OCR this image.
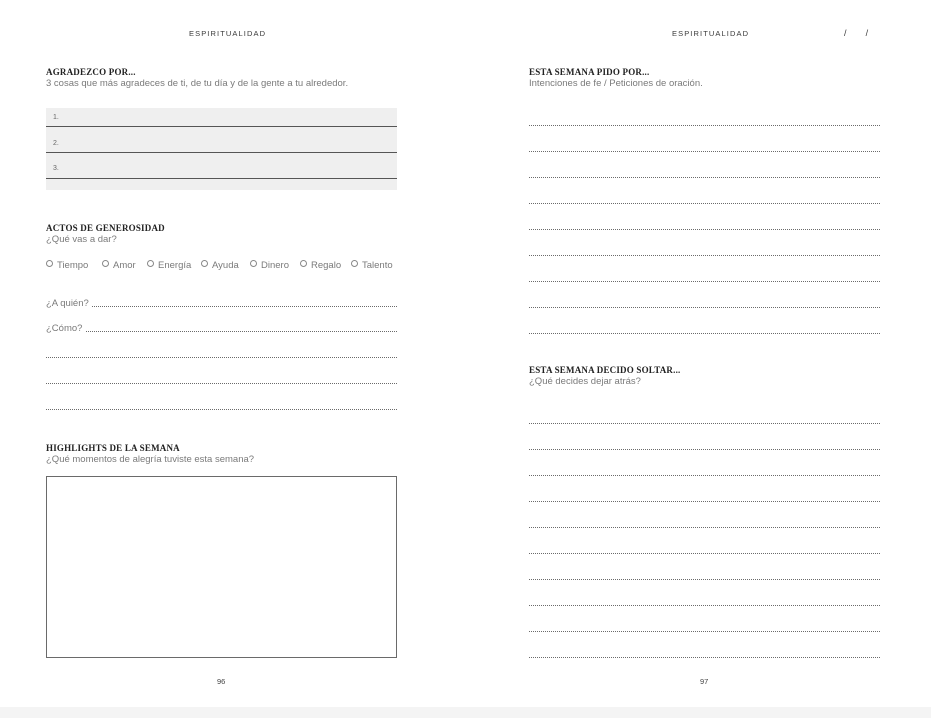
ESPIRITUALIDAD
AGRADEZCO POR...
3 cosas que más agradeces de ti, de tu día y de la gente a tu alrededor.
1.
2.
3.
ACTOS DE GENEROSIDAD
¿Qué vas a dar?
Tiempo	Amor	Energía	Ayuda	Dinero	Regalo	Talento
¿A quién?
¿Cómo?
HIGHLIGHTS DE LA SEMANA
¿Qué momentos de alegría tuviste esta semana?
96
ESPIRITUALIDAD	/     /
ESTA SEMANA PIDO POR...
Intenciones de fe / Peticiones de oración.
ESTA SEMANA DECIDO SOLTAR...
¿Qué decides dejar atrás?
97
